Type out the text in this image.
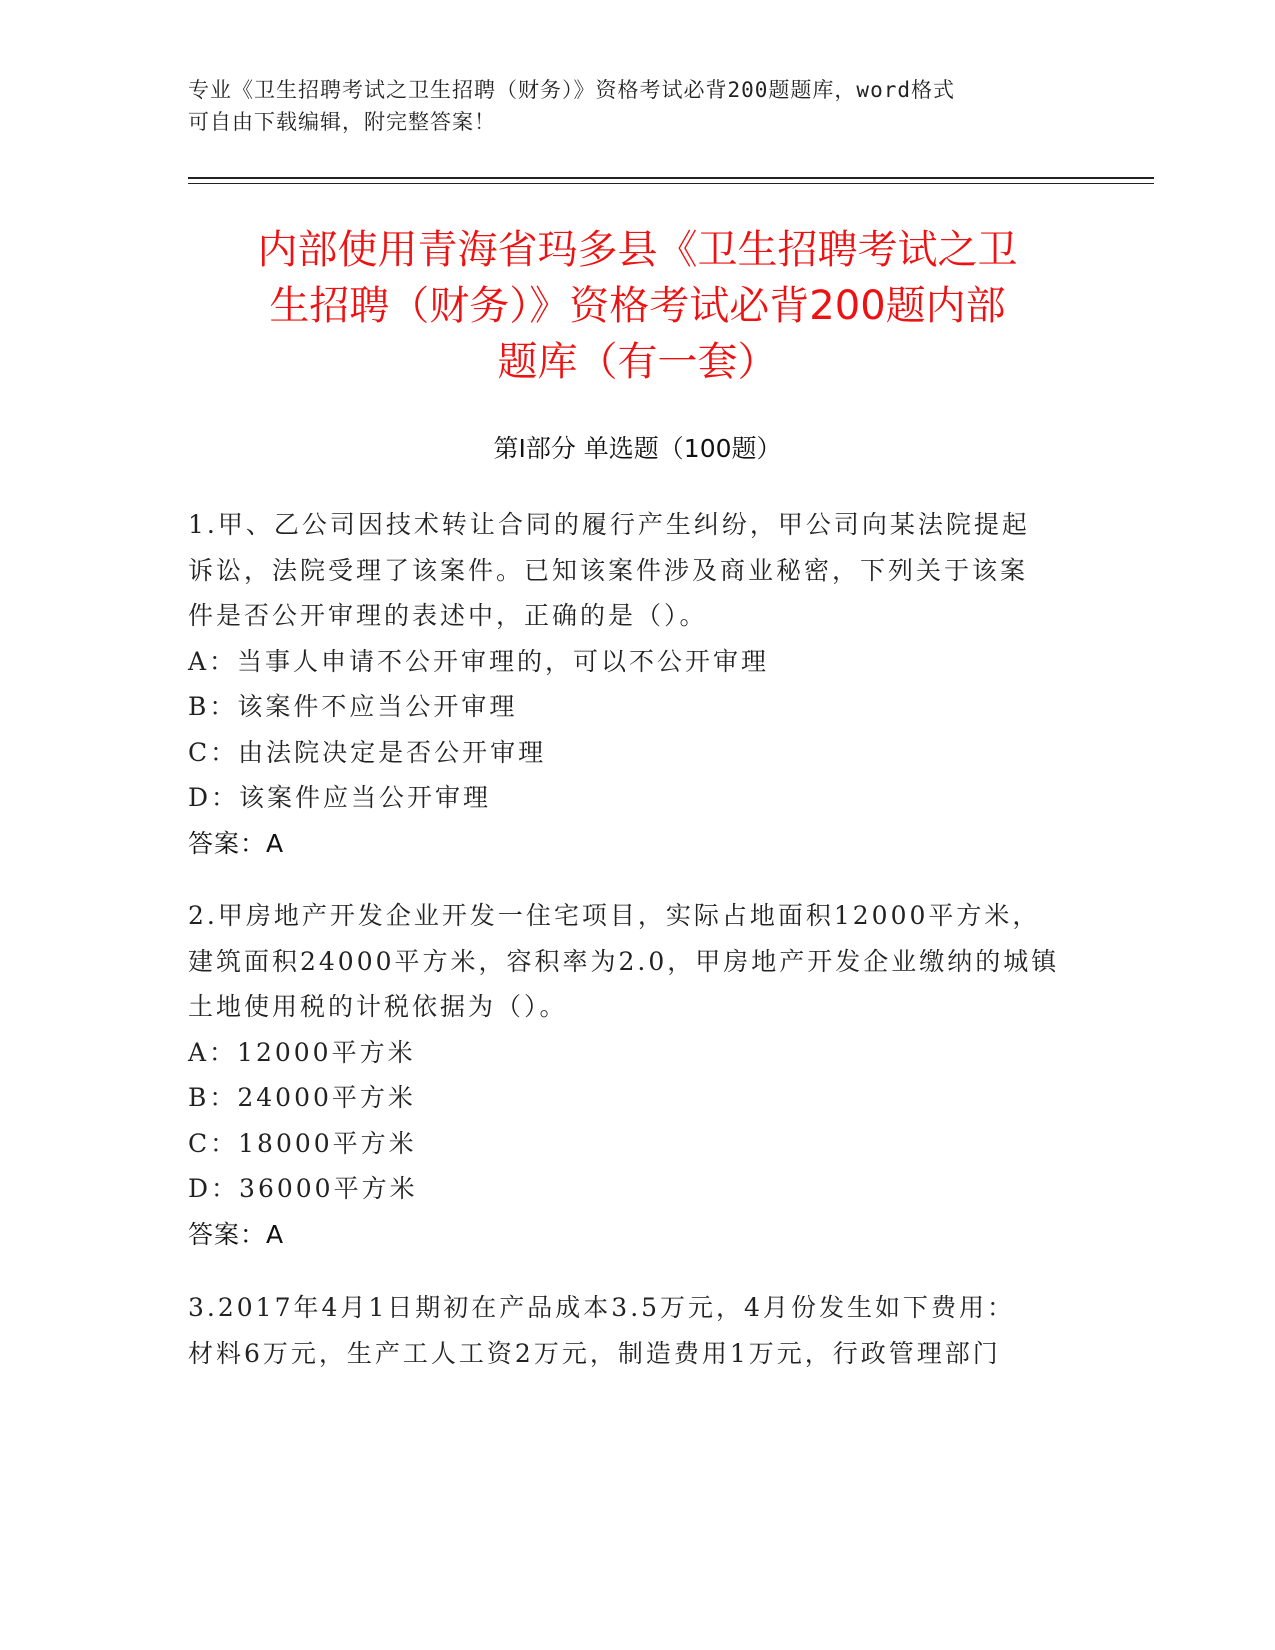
专业《卫生招聘考试之卫生招聘（财务）》资格考试必背200题题库，word格式
可自由下载编辑，附完整答案！
内部使用青海省玛多县《卫生招聘考试之卫
生招聘（财务）》资格考试必背200题内部
题库（有一套）
第Ⅰ部分 单选题（100题）
1.甲、乙公司因技术转让合同的履行产生纠纷，甲公司向某法院提起
诉讼，法院受理了该案件。已知该案件涉及商业秘密，下列关于该案
件是否公开审理的表述中，正确的是（）。
A：当事人申请不公开审理的，可以不公开审理
B：该案件不应当公开审理
C：由法院决定是否公开审理
D：该案件应当公开审理
答案：A
2.甲房地产开发企业开发一住宅项目，实际占地面积12000平方米，
建筑面积24000平方米，容积率为2.0，甲房地产开发企业缴纳的城镇
土地使用税的计税依据为（）。
A：12000平方米
B：24000平方米
C：18000平方米
D：36000平方米
答案：A
3.2017年4月1日期初在产品成本3.5万元，4月份发生如下费用：
材料6万元，生产工人工资2万元，制造费用1万元，行政管理部门
